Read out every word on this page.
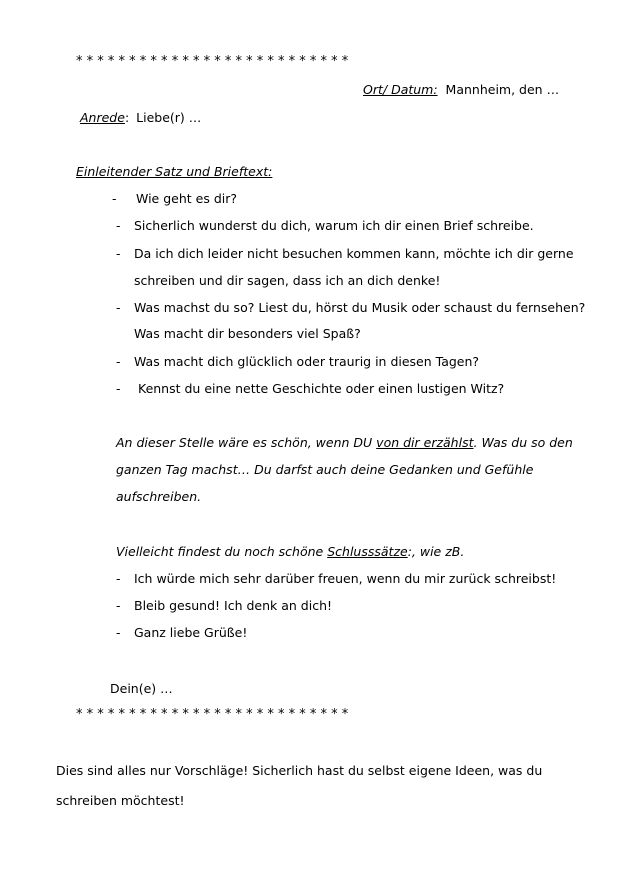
* * * * * * * * * * * * * * * * * * * * * * * * * *
Ort/ Datum: Mannheim, den …
Anrede: Liebe(r) …
Einleitender Satz und Brieftext:
- Wie geht es dir?
- Sicherlich wunderst du dich, warum ich dir einen Brief schreibe.
- Da ich dich leider nicht besuchen kommen kann, möchte ich dir gerne
schreiben und dir sagen, dass ich an dich denke!
- Was machst du so? Liest du, hörst du Musik oder schaust du fernsehen?
Was macht dir besonders viel Spaß?
- Was macht dich glücklich oder traurig in diesen Tagen?
- Kennst du eine nette Geschichte oder einen lustigen Witz?
An dieser Stelle wäre es schön, wenn DU von dir erzählst. Was du so den
ganzen Tag machst… Du darfst auch deine Gedanken und Gefühle
aufschreiben.
Vielleicht findest du noch schöne Schlusssätze:, wie zB.
- Ich würde mich sehr darüber freuen, wenn du mir zurück schreibst!
- Bleib gesund! Ich denk an dich!
- Ganz liebe Grüße!
Dein(e) …
* * * * * * * * * * * * * * * * * * * * * * * * * *
Dies sind alles nur Vorschläge! Sicherlich hast du selbst eigene Ideen, was du
schreiben möchtest!
